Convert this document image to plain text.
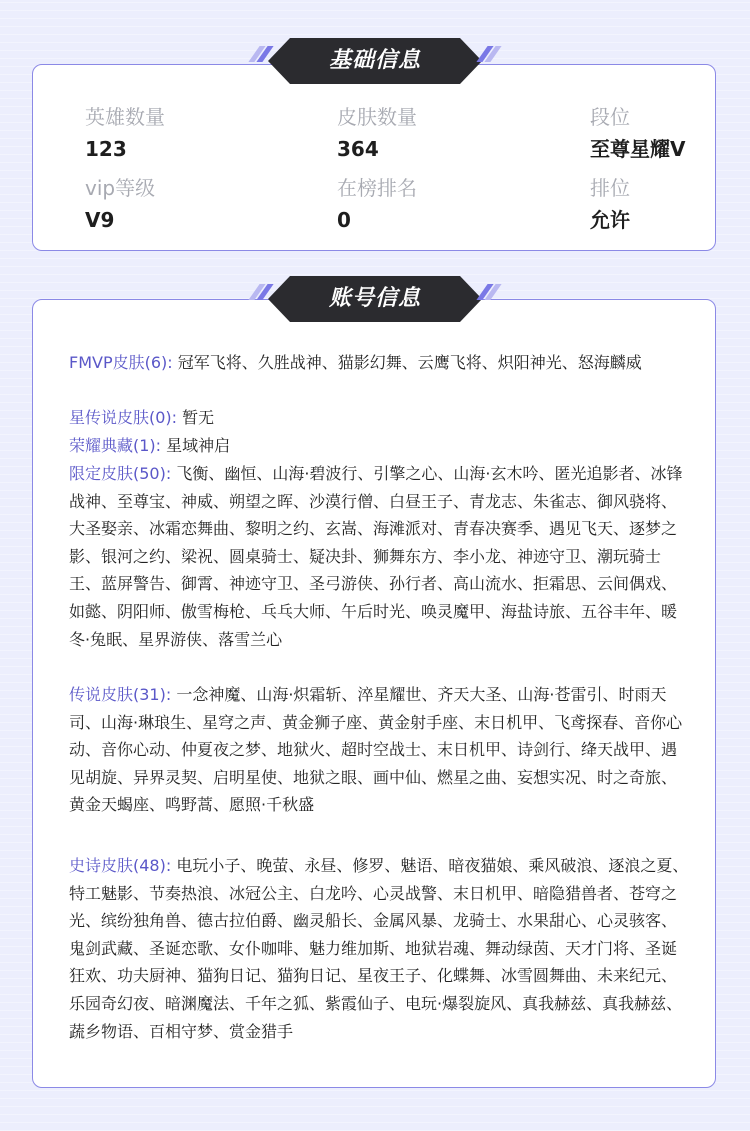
英雄数量
123
皮肤数量
364
段位
至尊星耀V
vip等级
V9
在榜排名
0
排位
允许
基础信息
FMVP皮肤(6): 冠军飞将、久胜战神、猫影幻舞、云鹰飞将、炽阳神光、怒海麟威
星传说皮肤(0): 暂无
荣耀典藏(1): 星域神启
限定皮肤(50): 飞衡、幽恒、山海·碧波行、引擎之心、山海·玄木吟、匿光追影者、冰锋战神、至尊宝、神威、朔望之晖、沙漠行僧、白昼王子、青龙志、朱雀志、御风骁将、大圣娶亲、冰霜恋舞曲、黎明之约、玄嵩、海滩派对、青春决赛季、遇见飞天、逐梦之影、银河之约、梁祝、圆桌骑士、疑决卦、狮舞东方、李小龙、神迹守卫、潮玩骑士王、蓝屏警告、御霄、神迹守卫、圣弓游侠、孙行者、高山流水、拒霜思、云间偶戏、如懿、阴阳师、傲雪梅枪、乓乓大师、午后时光、唤灵魔甲、海盐诗旅、五谷丰年、暖冬·兔眠、星界游侠、落雪兰心
传说皮肤(31): 一念神魔、山海·炽霜斩、淬星耀世、齐天大圣、山海·苍雷引、时雨天司、山海·琳琅生、星穹之声、黄金狮子座、黄金射手座、末日机甲、飞鸢探春、音你心动、音你心动、仲夏夜之梦、地狱火、超时空战士、末日机甲、诗剑行、绛天战甲、遇见胡旋、异界灵契、启明星使、地狱之眼、画中仙、燃星之曲、妄想实况、时之奇旅、黄金天蝎座、鸣野蒿、愿照·千秋盛
史诗皮肤(48): 电玩小子、晚萤、永昼、修罗、魅语、暗夜猫娘、乘风破浪、逐浪之夏、特工魅影、节奏热浪、冰冠公主、白龙吟、心灵战警、末日机甲、暗隐猎兽者、苍穹之光、缤纷独角兽、德古拉伯爵、幽灵船长、金属风暴、龙骑士、水果甜心、心灵骇客、鬼剑武藏、圣诞恋歌、女仆咖啡、魅力维加斯、地狱岩魂、舞动绿茵、天才门将、圣诞狂欢、功夫厨神、猫狗日记、猫狗日记、星夜王子、化蝶舞、冰雪圆舞曲、未来纪元、乐园奇幻夜、暗渊魔法、千年之狐、紫霞仙子、电玩·爆裂旋风、真我赫兹、真我赫兹、蔬乡物语、百相守梦、赏金猎手
账号信息
